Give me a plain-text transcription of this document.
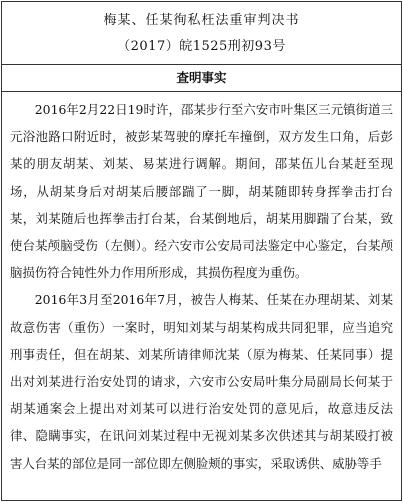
梅某、任某徇私枉法重审判决书
（2017）皖1525刑初93号
查明事实

2016年2月22日19时许，邵某步行至六安市叶集区三元镇街道三元浴池路口附近时，被彭某驾驶的摩托车撞倒，双方发生口角，后彭某的朋友胡某、刘某、易某进行调解。期间，邵某伍儿台某赶至现场，从胡某身后对胡某后腰部踹了一脚，胡某随即转身挥拳击打台某，刘某随后也挥拳击打台某，台某倒地后，胡某用脚踹了台某，致使台某颅脑受伤（左侧）。经六安市公安局司法鉴定中心鉴定，台某颅脑损伤符合钝性外力作用所形成，其损伤程度为重伤。

2016年3月至2016年7月，被告人梅某、任某在办理胡某、刘某故意伤害（重伤）一案时，明知刘某与胡某构成共同犯罪，应当追究刑事责任，但在胡某、刘某所请律师沈某（原为梅某、任某同事）提出对刘某进行治安处罚的请求，六安市公安局叶集分局副局长何某于胡某通案会上提出对刘某可以进行治安处罚的意见后，故意违反法律、隐瞒事实，在讯问刘某过程中无视刘某多次供述其与胡某殴打被害人台某的部位是同一部位即左侧脸颊的事实，采取诱供、威胁等手
